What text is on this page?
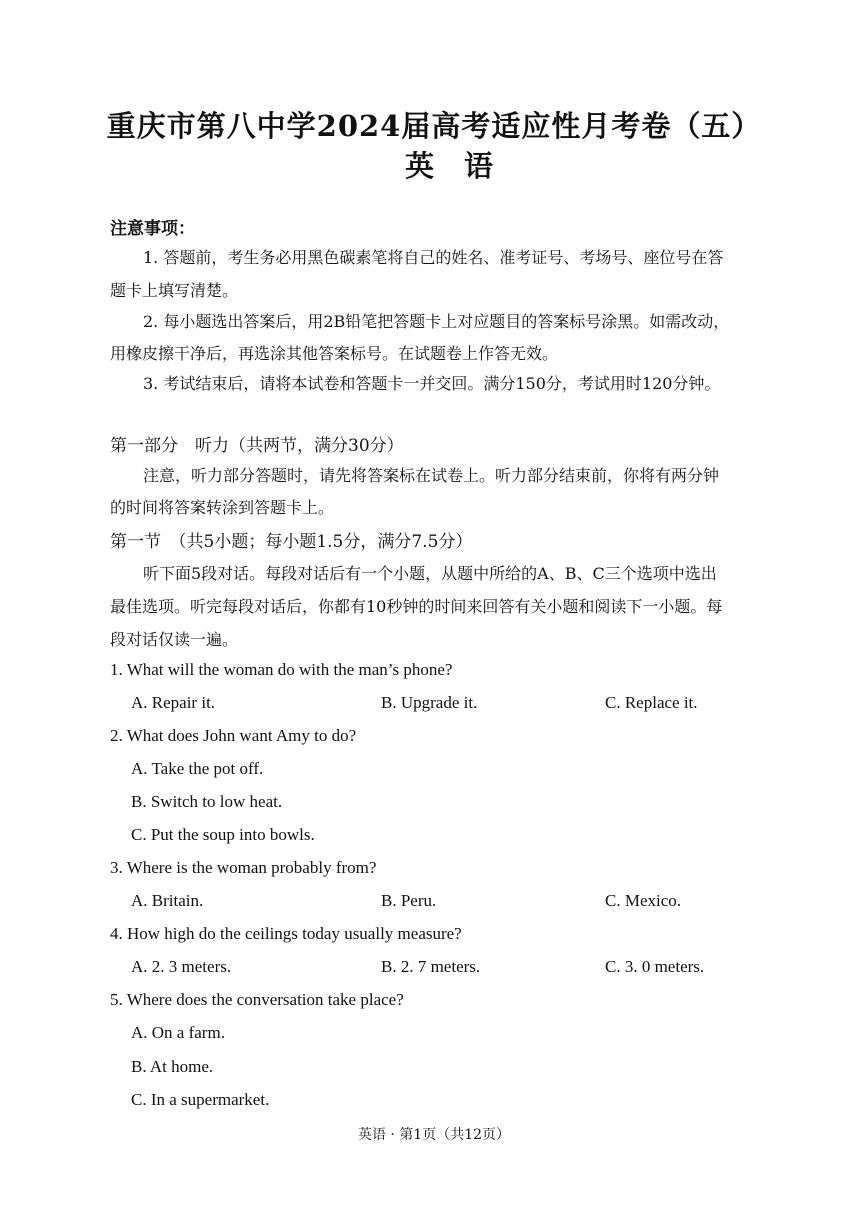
重庆市第八中学2024届高考适应性月考卷（五）
英语
注意事项：
1. 答题前，考生务必用黑色碳素笔将自己的姓名、准考证号、考场号、座位号在答
题卡上填写清楚。
2. 每小题选出答案后，用2B铅笔把答题卡上对应题目的答案标号涂黑。如需改动，
用橡皮擦干净后，再选涂其他答案标号。在试题卷上作答无效。
3. 考试结束后，请将本试卷和答题卡一并交回。满分150分，考试用时120分钟。
第一部分　听力（共两节，满分30分）
注意，听力部分答题时，请先将答案标在试卷上。听力部分结束前，你将有两分钟
的时间将答案转涂到答题卡上。
第一节　（共5小题；每小题1.5分，满分7.5分）
听下面5段对话。每段对话后有一个小题，从题中所给的A、B、C三个选项中选出
最佳选项。听完每段对话后，你都有10秒钟的时间来回答有关小题和阅读下一小题。每
段对话仅读一遍。
1. What will the woman do with the man’s phone?
A. Repair it.	B. Upgrade it.	C. Replace it.
2. What does John want Amy to do?
A. Take the pot off.
B. Switch to low heat.
C. Put the soup into bowls.
3. Where is the woman probably from?
A. Britain.	B. Peru.	C. Mexico.
4. How high do the ceilings today usually measure?
A. 2. 3 meters.	B. 2. 7 meters.	C. 3. 0 meters.
5. Where does the conversation take place?
A. On a farm.
B. At home.
C. In a supermarket.
英语 · 第1页（共12页）
